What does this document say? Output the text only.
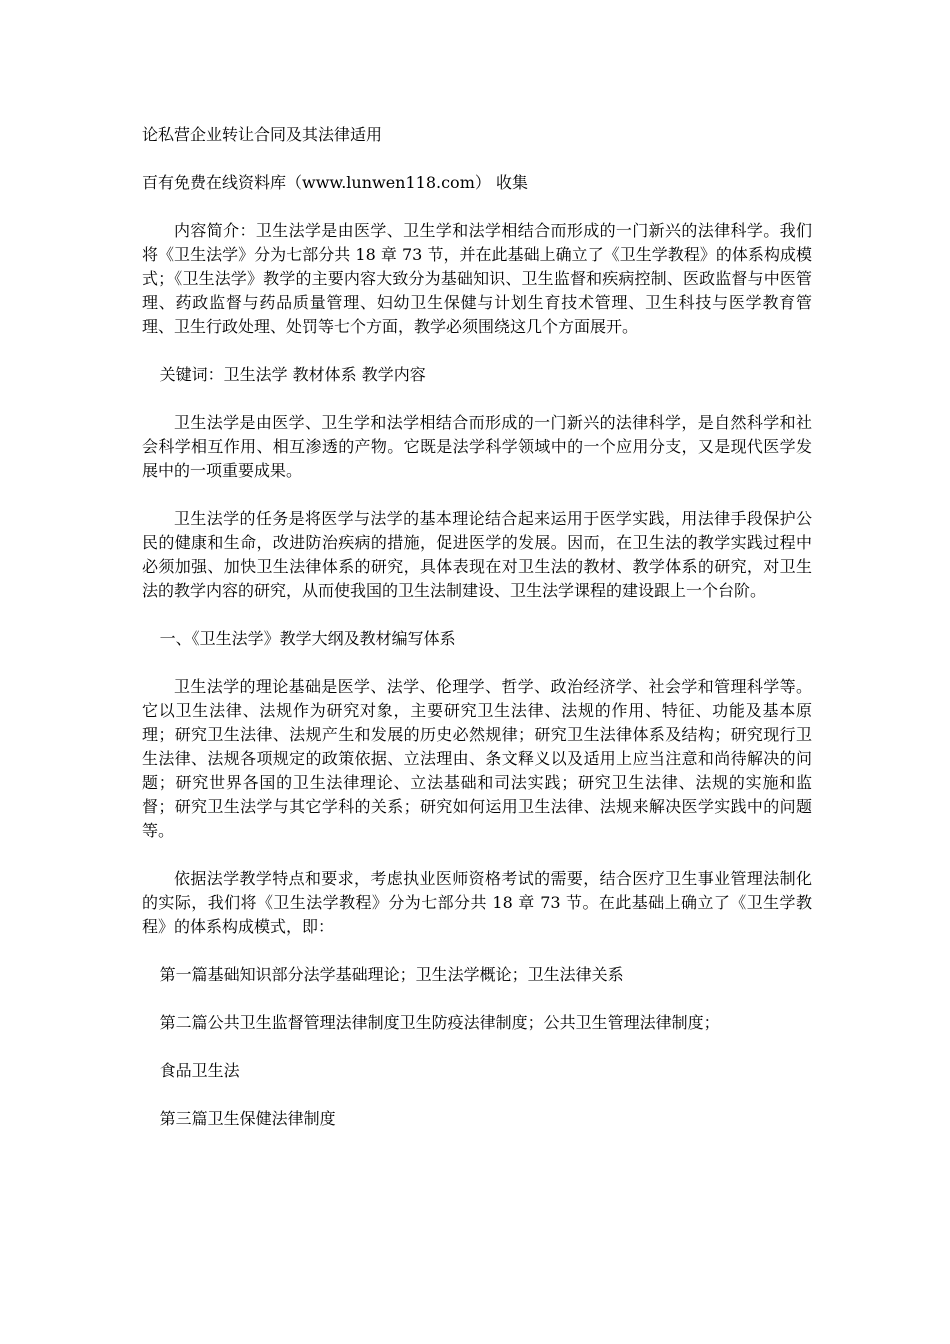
论私营企业转让合同及其法律适用

百有免费在线资料库（www.lunwen118.com） 收集

内容简介：卫生法学是由医学、卫生学和法学相结合而形成的一门新兴的法律科学。我们将《卫生法学》分为七部分共 18 章 73 节，并在此基础上确立了《卫生学教程》的体系构成模式；《卫生法学》教学的主要内容大致分为基础知识、卫生监督和疾病控制、医政监督与中医管理、药政监督与药品质量管理、妇幼卫生保健与计划生育技术管理、卫生科技与医学教育管理、卫生行政处理、处罚等七个方面，教学必须围绕这几个方面展开。

关键词：卫生法学 教材体系 教学内容

卫生法学是由医学、卫生学和法学相结合而形成的一门新兴的法律科学，是自然科学和社会科学相互作用、相互渗透的产物。它既是法学科学领域中的一个应用分支，又是现代医学发展中的一项重要成果。

卫生法学的任务是将医学与法学的基本理论结合起来运用于医学实践，用法律手段保护公民的健康和生命，改进防治疾病的措施，促进医学的发展。因而，在卫生法的教学实践过程中必须加强、加快卫生法律体系的研究，具体表现在对卫生法的教材、教学体系的研究，对卫生法的教学内容的研究，从而使我国的卫生法制建设、卫生法学课程的建设跟上一个台阶。

一、《卫生法学》教学大纲及教材编写体系

卫生法学的理论基础是医学、法学、伦理学、哲学、政治经济学、社会学和管理科学等。它以卫生法律、法规作为研究对象，主要研究卫生法律、法规的作用、特征、功能及基本原理；研究卫生法律、法规产生和发展的历史必然规律；研究卫生法律体系及结构；研究现行卫生法律、法规各项规定的政策依据、立法理由、条文释义以及适用上应当注意和尚待解决的问题；研究世界各国的卫生法律理论、立法基础和司法实践；研究卫生法律、法规的实施和监督；研究卫生法学与其它学科的关系；研究如何运用卫生法律、法规来解决医学实践中的问题等。

依据法学教学特点和要求，考虑执业医师资格考试的需要，结合医疗卫生事业管理法制化的实际，我们将《卫生法学教程》分为七部分共 18 章 73 节。在此基础上确立了《卫生学教程》的体系构成模式，即：

第一篇基础知识部分法学基础理论；卫生法学概论；卫生法律关系

第二篇公共卫生监督管理法律制度卫生防疫法律制度；公共卫生管理法律制度；

食品卫生法

第三篇卫生保健法律制度
